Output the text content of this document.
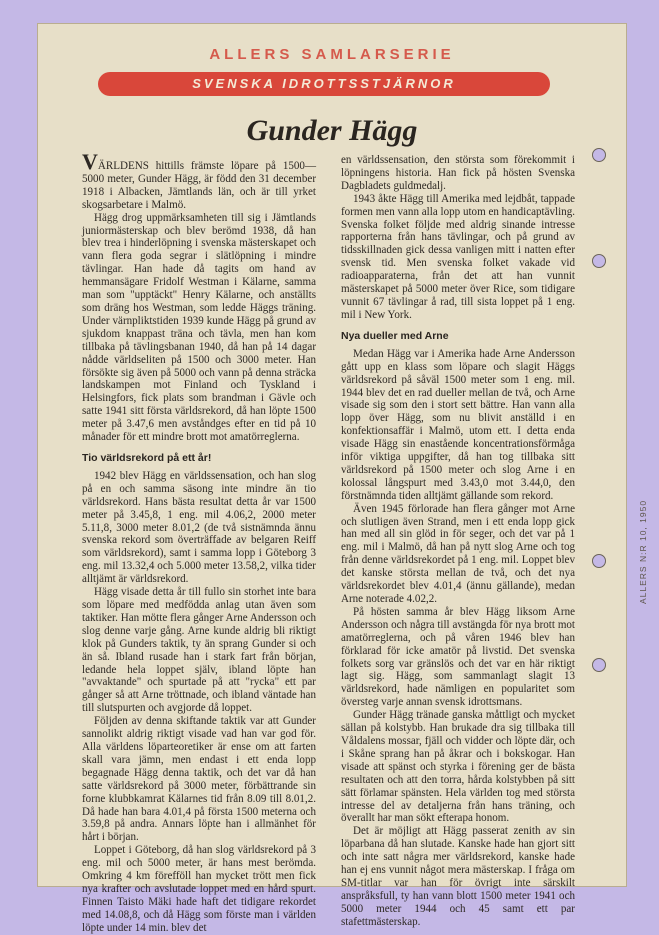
ALLERS SAMLARSERIE
SVENSKA IDROTTSSTJÄRNOR
Gunder Hägg

VÄRLDENS hittills främste löpare på 1500—5000 meter, Gunder Hägg, är född den 31 december 1918 i Albacken, Jämtlands län, och är till yrket skogsarbetare i Malmö.

Hägg drog uppmärksamheten till sig i Jämtlands juniormästerskap och blev berömd 1938, då han blev trea i hinderlöpning i svenska mästerskapet och vann flera goda segrar i slätlöpning i mindre tävlingar. Han hade då tagits om hand av hemmansägare Fridolf Westman i Kälarne, samma man som "upptäckt" Henry Kälarne, och anställts som dräng hos Westman, som ledde Häggs träning. Under värnpliktstiden 1939 kunde Hägg på grund av sjukdom knappast träna och tävla, men han kom tillbaka på tävlingsbanan 1940, då han på 14 dagar nådde världseliten på 1500 och 3000 meter. Han försökte sig även på 5000 och vann på denna sträcka landskampen mot Finland och Tyskland i Helsingfors, fick plats som brandman i Gävle och satte 1941 sitt första världsrekord, då han löpte 1500 meter på 3.47,6 men avståndges efter en tid på 10 månader för ett mindre brott mot amatörreglerna.

Tio världsrekord på ett år!

1942 blev Hägg en världssensation, och han slog på en och samma säsong inte mindre än tio världsrekord. Hans bästa resultat detta år var 1500 meter på 3.45,8, 1 eng. mil 4.06,2, 2000 meter 5.11,8, 3000 meter 8.01,2 (de två sistnämnda ännu svenska rekord som överträffade av belgaren Reiff som världsrekord), samt i samma lopp i Göteborg 3 eng. mil 13.32,4 och 5.000 meter 13.58,2, vilka tider alltjämt är världsrekord.

Hägg visade detta år till fullo sin storhet inte bara som löpare med medfödda anlag utan även som taktiker. Han mötte flera gånger Arne Andersson och slog denne varje gång. Arne kunde aldrig bli riktigt klok på Gunders taktik, ty än sprang Gunder si och än så. Ibland rusade han i stark fart från början, ledande hela loppet själv, ibland löpte han "avvaktande" och spurtade på att "rycka" ett par gånger så att Arne tröttnade, och ibland väntade han till slutspurten och avgjorde då loppet.

Följden av denna skiftande taktik var att Gunder sannolikt aldrig riktigt visade vad han var god för. Alla världens löparteoretiker är ense om att farten skall vara jämn, men endast i ett enda lopp begagnade Hägg denna taktik, och det var då han satte världsrekord på 3000 meter, förbättrande sin forne klubbkamrat Kälarnes tid från 8.09 till 8.01,2. Då hade han bara 4.01,4 på första 1500 meterna och 3.59,8 på andra. Annars löpte han i allmänhet för hårt i början.

Loppet i Göteborg, då han slog världsrekord på 3 eng. mil och 5000 meter, är hans mest berömda. Omkring 4 km förefföll han mycket trött men fick nya krafter och avslutade loppet med en hård spurt. Finnen Taisto Mäki hade haft det tidigare rekordet med 14.08,8, och då Hägg som förste man i världen löpte under 14 min. blev det

en världssensation, den största som förekommit i löpningens historia. Han fick på hösten Svenska Dagbladets guldmedalj.

1943 åkte Hägg till Amerika med lejdbåt, tappade formen men vann alla lopp utom en handicaptävling. Svenska folket följde med aldrig sinande intresse rapporterna från hans tävlingar, och på grund av tidsskillnaden gick dessa vanligen mitt i natten efter svensk tid. Men svenska folket vakade vid radioapparaterna, från det att han vunnit mästerskapet på 5000 meter över Rice, som tidigare vunnit 67 tävlingar å rad, till sista loppet på 1 eng. mil i New York.

Nya dueller med Arne

Medan Hägg var i Amerika hade Arne Andersson gått upp en klass som löpare och slagit Häggs världsrekord på såväl 1500 meter som 1 eng. mil. 1944 blev det en rad dueller mellan de två, och Arne visade sig som den i stort sett bättre. Han vann alla lopp över Hägg, som nu blivit anställd i en konfektionsaffär i Malmö, utom ett. I detta enda visade Hägg sin enastående koncentrationsförmåga inför viktiga uppgifter, då han tog tillbaka sitt världsrekord på 1500 meter och slog Arne i en kolossal långspurt med 3.43,0 mot 3.44,0, den förstnämnda tiden alltjämt gällande som rekord.

Även 1945 förlorade han flera gånger mot Arne och slutligen även Strand, men i ett enda lopp gick han med all sin glöd in för seger, och det var på 1 eng. mil i Malmö, då han på nytt slog Arne och tog från denne världsrekordet på 1 eng. mil. Loppet blev det kanske största mellan de två, och det nya världsrekordet blev 4.01,4 (ännu gällande), medan Arne noterade 4.02,2.

På hösten samma år blev Hägg liksom Arne Andersson och några till avstängda för nya brott mot amatörreglerna, och på våren 1946 blev han förklarad för icke amatör på livstid. Det svenska folkets sorg var gränslös och det var en här riktigt lagt sig. Hägg, som sammanlagt slagit 13 världsrekord, hade nämligen en popularitet som översteg varje annan svensk idrottsmans.

Gunder Hägg tränade ganska måttligt och mycket sällan på kolstybb. Han brukade dra sig tillbaka till Våldalens mossar, fjäll och vidder och löpte där, och i Skåne sprang han på åkrar och i bokskogar. Han visade att spänst och styrka i förening ger de bästa resultaten och att den torra, hårda kolstybben på sitt sätt förlamar spänsten. Hela världen tog med största intresse del av detaljerna från hans träning, och överallt har man sökt efterapa honom.

Det är möjligt att Hägg passerat zenith av sin löparbana då han slutade. Kanske hade han gjort sitt och inte satt några mer världsrekord, kanske hade han ej ens vunnit något mera mästerskap. I fråga om SM-titlar var han för övrigt inte särskilt anspråksfull, ty han vann blott 1500 meter 1941 och 5000 meter 1944 och 45 samt ett par stafettmästerskap.

ALLERS N:R 10, 1950
